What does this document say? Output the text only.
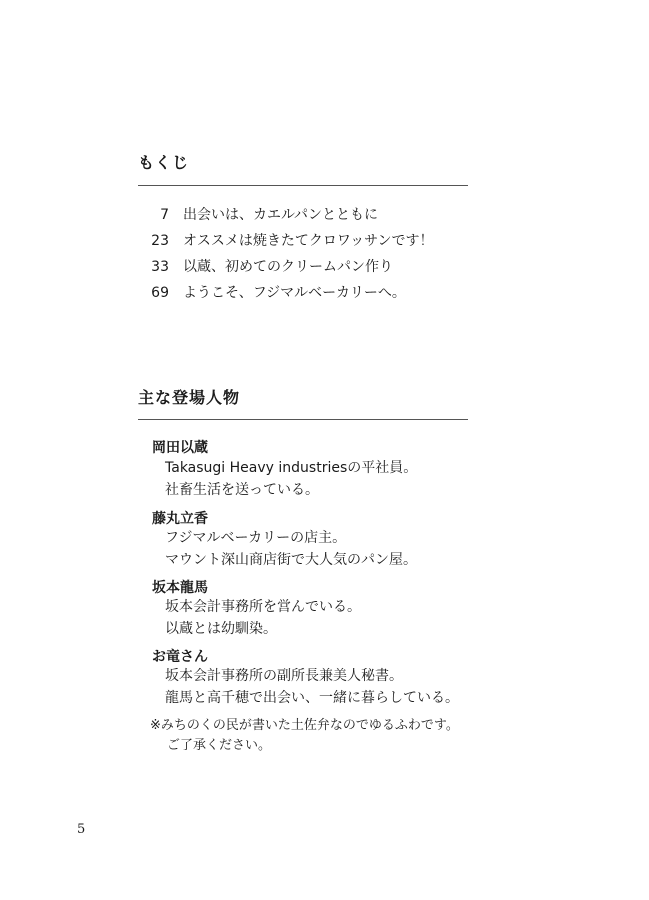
もくじ
7 出会いは、カエルパンとともに
23 オススメは焼きたてクロワッサンです！
33 以蔵、初めてのクリームパン作り
69 ようこそ、フジマルベーカリーへ。
主な登場人物
岡田以蔵
Takasugi Heavy industriesの平社員。
社畜生活を送っている。
藤丸立香
フジマルベーカリーの店主。
マウント深山商店街で大人気のパン屋。
坂本龍馬
坂本会計事務所を営んでいる。
以蔵とは幼馴染。
お竜さん
坂本会計事務所の副所長兼美人秘書。
龍馬と高千穂で出会い、一緒に暮らしている。
※みちのくの民が書いた土佐弁なのでゆるふわです。
ご了承ください。
5
